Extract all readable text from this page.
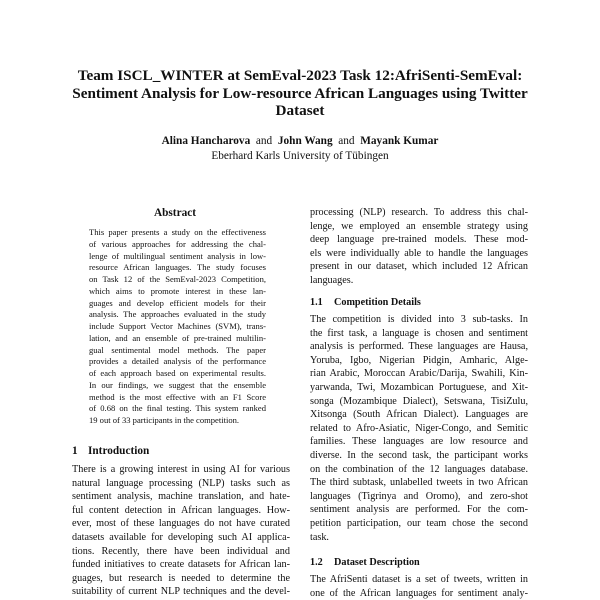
Team ISCL_WINTER at SemEval-2023 Task 12:AfriSenti-SemEval:
Sentiment Analysis for Low-resource African Languages using Twitter
Dataset
Alina Hancharova and John Wang and Mayank Kumar
Eberhard Karls University of Tübingen
Abstract
This paper presents a study on the effectiveness
of various approaches for addressing the chal-
lenge of multilingual sentiment analysis in low-
resource African languages. The study focuses
on Task 12 of the SemEval-2023 Competition,
which aims to promote interest in these lan-
guages and develop efficient models for their
analysis. The approaches evaluated in the study
include Support Vector Machines (SVM), trans-
lation, and an ensemble of pre-trained multilin-
gual sentimental model methods. The paper
provides a detailed analysis of the performance
of each approach based on experimental results.
In our findings, we suggest that the ensemble
method is the most effective with an F1 Score
of 0.68 on the final testing. This system ranked
19 out of 33 participants in the competition.
1 Introduction
There is a growing interest in using AI for various
natural language processing (NLP) tasks such as
sentiment analysis, machine translation, and hate-
ful content detection in African languages. How-
ever, most of these languages do not have curated
datasets available for developing such AI applica-
tions. Recently, there have been individual and
funded initiatives to create datasets for African lan-
guages, but research is needed to determine the
suitability of current NLP techniques and the devel-
processing (NLP) research. To address this chal-
lenge, we employed an ensemble strategy using
deep language pre-trained models. These mod-
els were individually able to handle the languages
present in our dataset, which included 12 African
languages.
1.1 Competition Details
The competition is divided into 3 sub-tasks. In
the first task, a language is chosen and sentiment
analysis is performed. These languages are Hausa,
Yoruba, Igbo, Nigerian Pidgin, Amharic, Alge-
rian Arabic, Moroccan Arabic/Darija, Swahili, Kin-
yarwanda, Twi, Mozambican Portuguese, and Xit-
songa (Mozambique Dialect), Setswana, TisiZulu,
Xitsonga (South African Dialect). Languages are
related to Afro-Asiatic, Niger-Congo, and Semitic
families. These languages are low resource and
diverse. In the second task, the participant works
on the combination of the 12 languages database.
The third subtask, unlabelled tweets in two African
languages (Tigrinya and Oromo), and zero-shot
sentiment analysis are performed. For the com-
petition participation, our team chose the second
task.
1.2 Dataset Description
The AfriSenti dataset is a set of tweets, written in
one of the African languages for sentiment analy-
